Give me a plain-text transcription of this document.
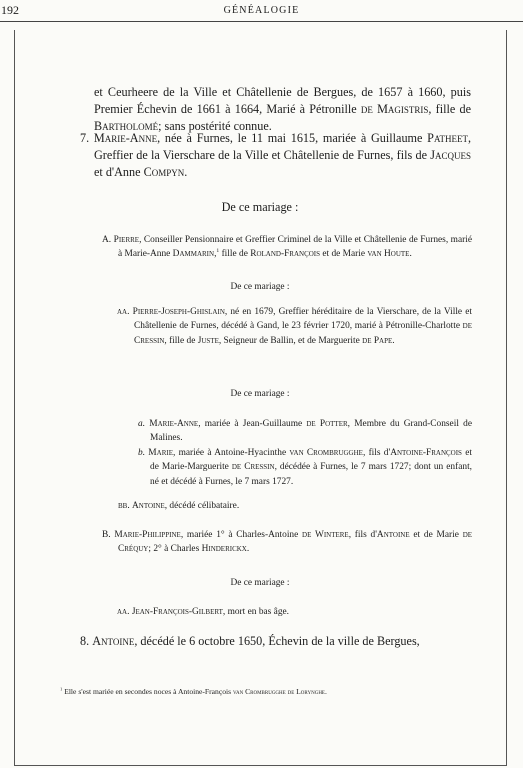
192	GÉNÉALOGIE
et Ceurheere de la Ville et Châtellenie de Bergues, de 1657 à 1660, puis Premier Échevin de 1661 à 1664, Marié à Pétronille de Magistris, fille de Bartholomé; sans postérité connue.
7. Marie-Anne, née à Furnes, le 11 mai 1615, mariée à Guillaume Patheet, Greffier de la Vierschare de la Ville et Châtellenie de Furnes, fils de Jacques et d'Anne Compyn.
De ce mariage :
A. Pierre, Conseiller Pensionnaire et Greffier Criminel de la Ville et Châtellenie de Furnes, marié à Marie-Anne Dammarin,$^1$ fille de Roland-François et de Marie van Houte.
De ce mariage :
aa. Pierre-Joseph-Ghislain, né en 1679, Greffier héréditaire de la Vierschare, de la Ville et Châtellenie de Furnes, décédé à Gand, le 23 février 1720, marié à Pétronille-Charlotte de Cressin, fille de Juste, Seigneur de Ballin, et de Marguerite de Pape.
De ce mariage :
a. Marie-Anne, mariée à Jean-Guillaume de Potter, Membre du Grand-Conseil de Malines.
b. Marie, mariée à Antoine-Hyacinthe van Crombrugghe, fils d'Antoine-François et de Marie-Marguerite de Cressin, décédée à Furnes, le 7 mars 1727; dont un enfant, né et décédé à Furnes, le 7 mars 1727.
bb. Antoine, décédé célibataire.
B. Marie-Philippine, mariée 1° à Charles-Antoine de Wintere, fils d'Antoine et de Marie de Créquy; 2° à Charles Hinderickx.
De ce mariage :
aa. Jean-François-Gilbert, mort en bas âge.
8. Antoine, décédé le 6 octobre 1650, Échevin de la ville de Bergues,
$^1$ Elle s'est mariée en secondes noces à Antoine-François van Crombrugghe de Lorynghe.
